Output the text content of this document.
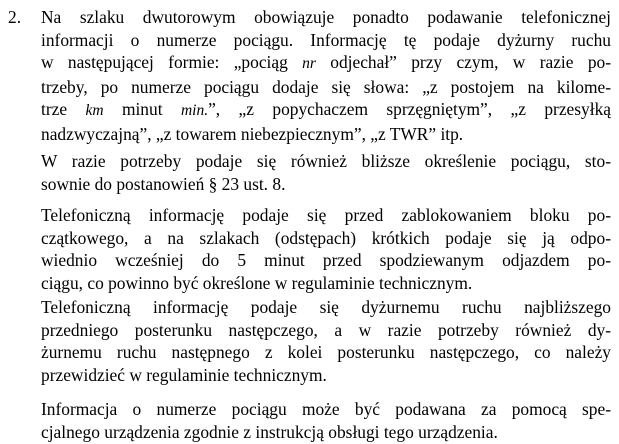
2. Na szlaku dwutorowym obowiązuje ponadto podawanie telefonicznej
informacji o numerze pociągu. Informację tę podaje dyżurny ruchu
w następującej formie: „pociąg nr odjechał” przy czym, w razie po-
trzeby, po numerze pociągu dodaje się słowa: „z postojem na kilome-
trze km minut min.”, „z popychaczem sprzęgniętym”, „z przesyłką
nadzwyczajną”, „z towarem niebezpiecznym”, „z TWR” itp.
W razie potrzeby podaje się również bliższe określenie pociągu, sto-
sownie do postanowień § 23 ust. 8.
Telefoniczną informację podaje się przed zablokowaniem bloku po-
czątkowego, a na szlakach (odstępach) krótkich podaje się ją odpo-
wiednio wcześniej do 5 minut przed spodziewanym odjazdem po-
ciągu, co powinno być określone w regulaminie technicznym.
Telefoniczną informację podaje się dyżurnemu ruchu najbliższego
przedniego posterunku następczego, a w razie potrzeby również dy-
żurnemu ruchu następnego z kolei posterunku następczego, co należy
przewidzieć w regulaminie technicznym.
Informacja o numerze pociągu może być podawana za pomocą spe-
cjalnego urządzenia zgodnie z instrukcją obsługi tego urządzenia.
